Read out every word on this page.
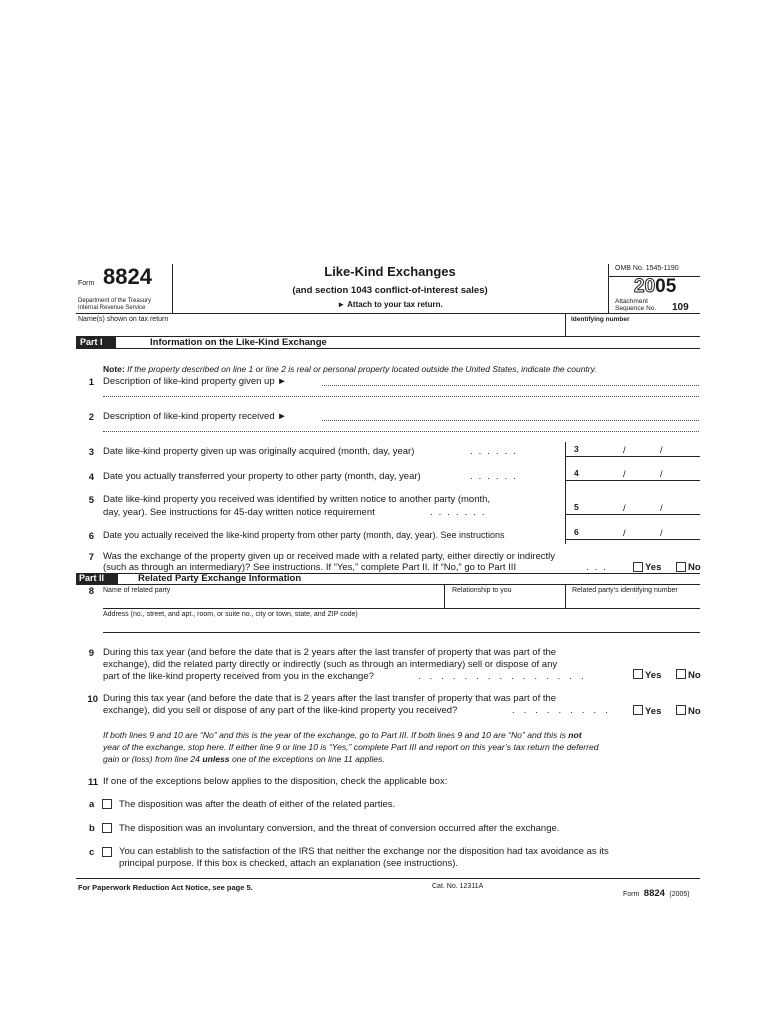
Form 8824
Department of the Treasury
Internal Revenue Service
Like-Kind Exchanges
(and section 1043 conflict-of-interest sales)
► Attach to your tax return.
OMB No. 1545-1190
2005
Attachment
Sequence No. 109
Name(s) shown on tax return	Identifying number
Part I	Information on the Like-Kind Exchange
Note: If the property described on line 1 or line 2 is real or personal property located outside the United States, indicate the country.
1 Description of like-kind property given up ►
2 Description of like-kind property received ►
3 Date like-kind property given up was originally acquired (month, day, year)	......	3	/	/
4 Date you actually transferred your property to other party (month, day, year)	......	4	/	/
5 Date like-kind property you received was identified by written notice to another party (month,
day, year). See instructions for 45-day written notice requirement	.......	5	/	/
6 Date you actually received the like-kind property from other party (month, day, year). See instructions	6	/	/
7 Was the exchange of the property given up or received made with a related party, either directly or indirectly
(such as through an intermediary)? See instructions. If “Yes,” complete Part II. If “No,” go to Part III	...	Yes	No
Part II	Related Party Exchange Information
8 Name of related party	Relationship to you	Related party’s identifying number
Address (no., street, and apt., room, or suite no., city or town, state, and ZIP code)
9 During this tax year (and before the date that is 2 years after the last transfer of property that was part of the
exchange), did the related party directly or indirectly (such as through an intermediary) sell or dispose of any
part of the like-kind property received from you in the exchange?	...............	Yes	No
10 During this tax year (and before the date that is 2 years after the last transfer of property that was part of the
exchange), did you sell or dispose of any part of the like-kind property you received?	.........	Yes	No
If both lines 9 and 10 are “No” and this is the year of the exchange, go to Part III. If both lines 9 and 10 are “No” and this is not
year of the exchange, stop here. If either line 9 or line 10 is “Yes,” complete Part III and report on this year’s tax return the deferred
gain or (loss) from line 24 unless one of the exceptions on line 11 applies.
11 If one of the exceptions below applies to the disposition, check the applicable box:
a	The disposition was after the death of either of the related parties.
b	The disposition was an involuntary conversion, and the threat of conversion occurred after the exchange.
c	You can establish to the satisfaction of the IRS that neither the exchange nor the disposition had tax avoidance as its
principal purpose. If this box is checked, attach an explanation (see instructions).
For Paperwork Reduction Act Notice, see page 5.	Cat. No. 12311A
Form 8824 (2005)
